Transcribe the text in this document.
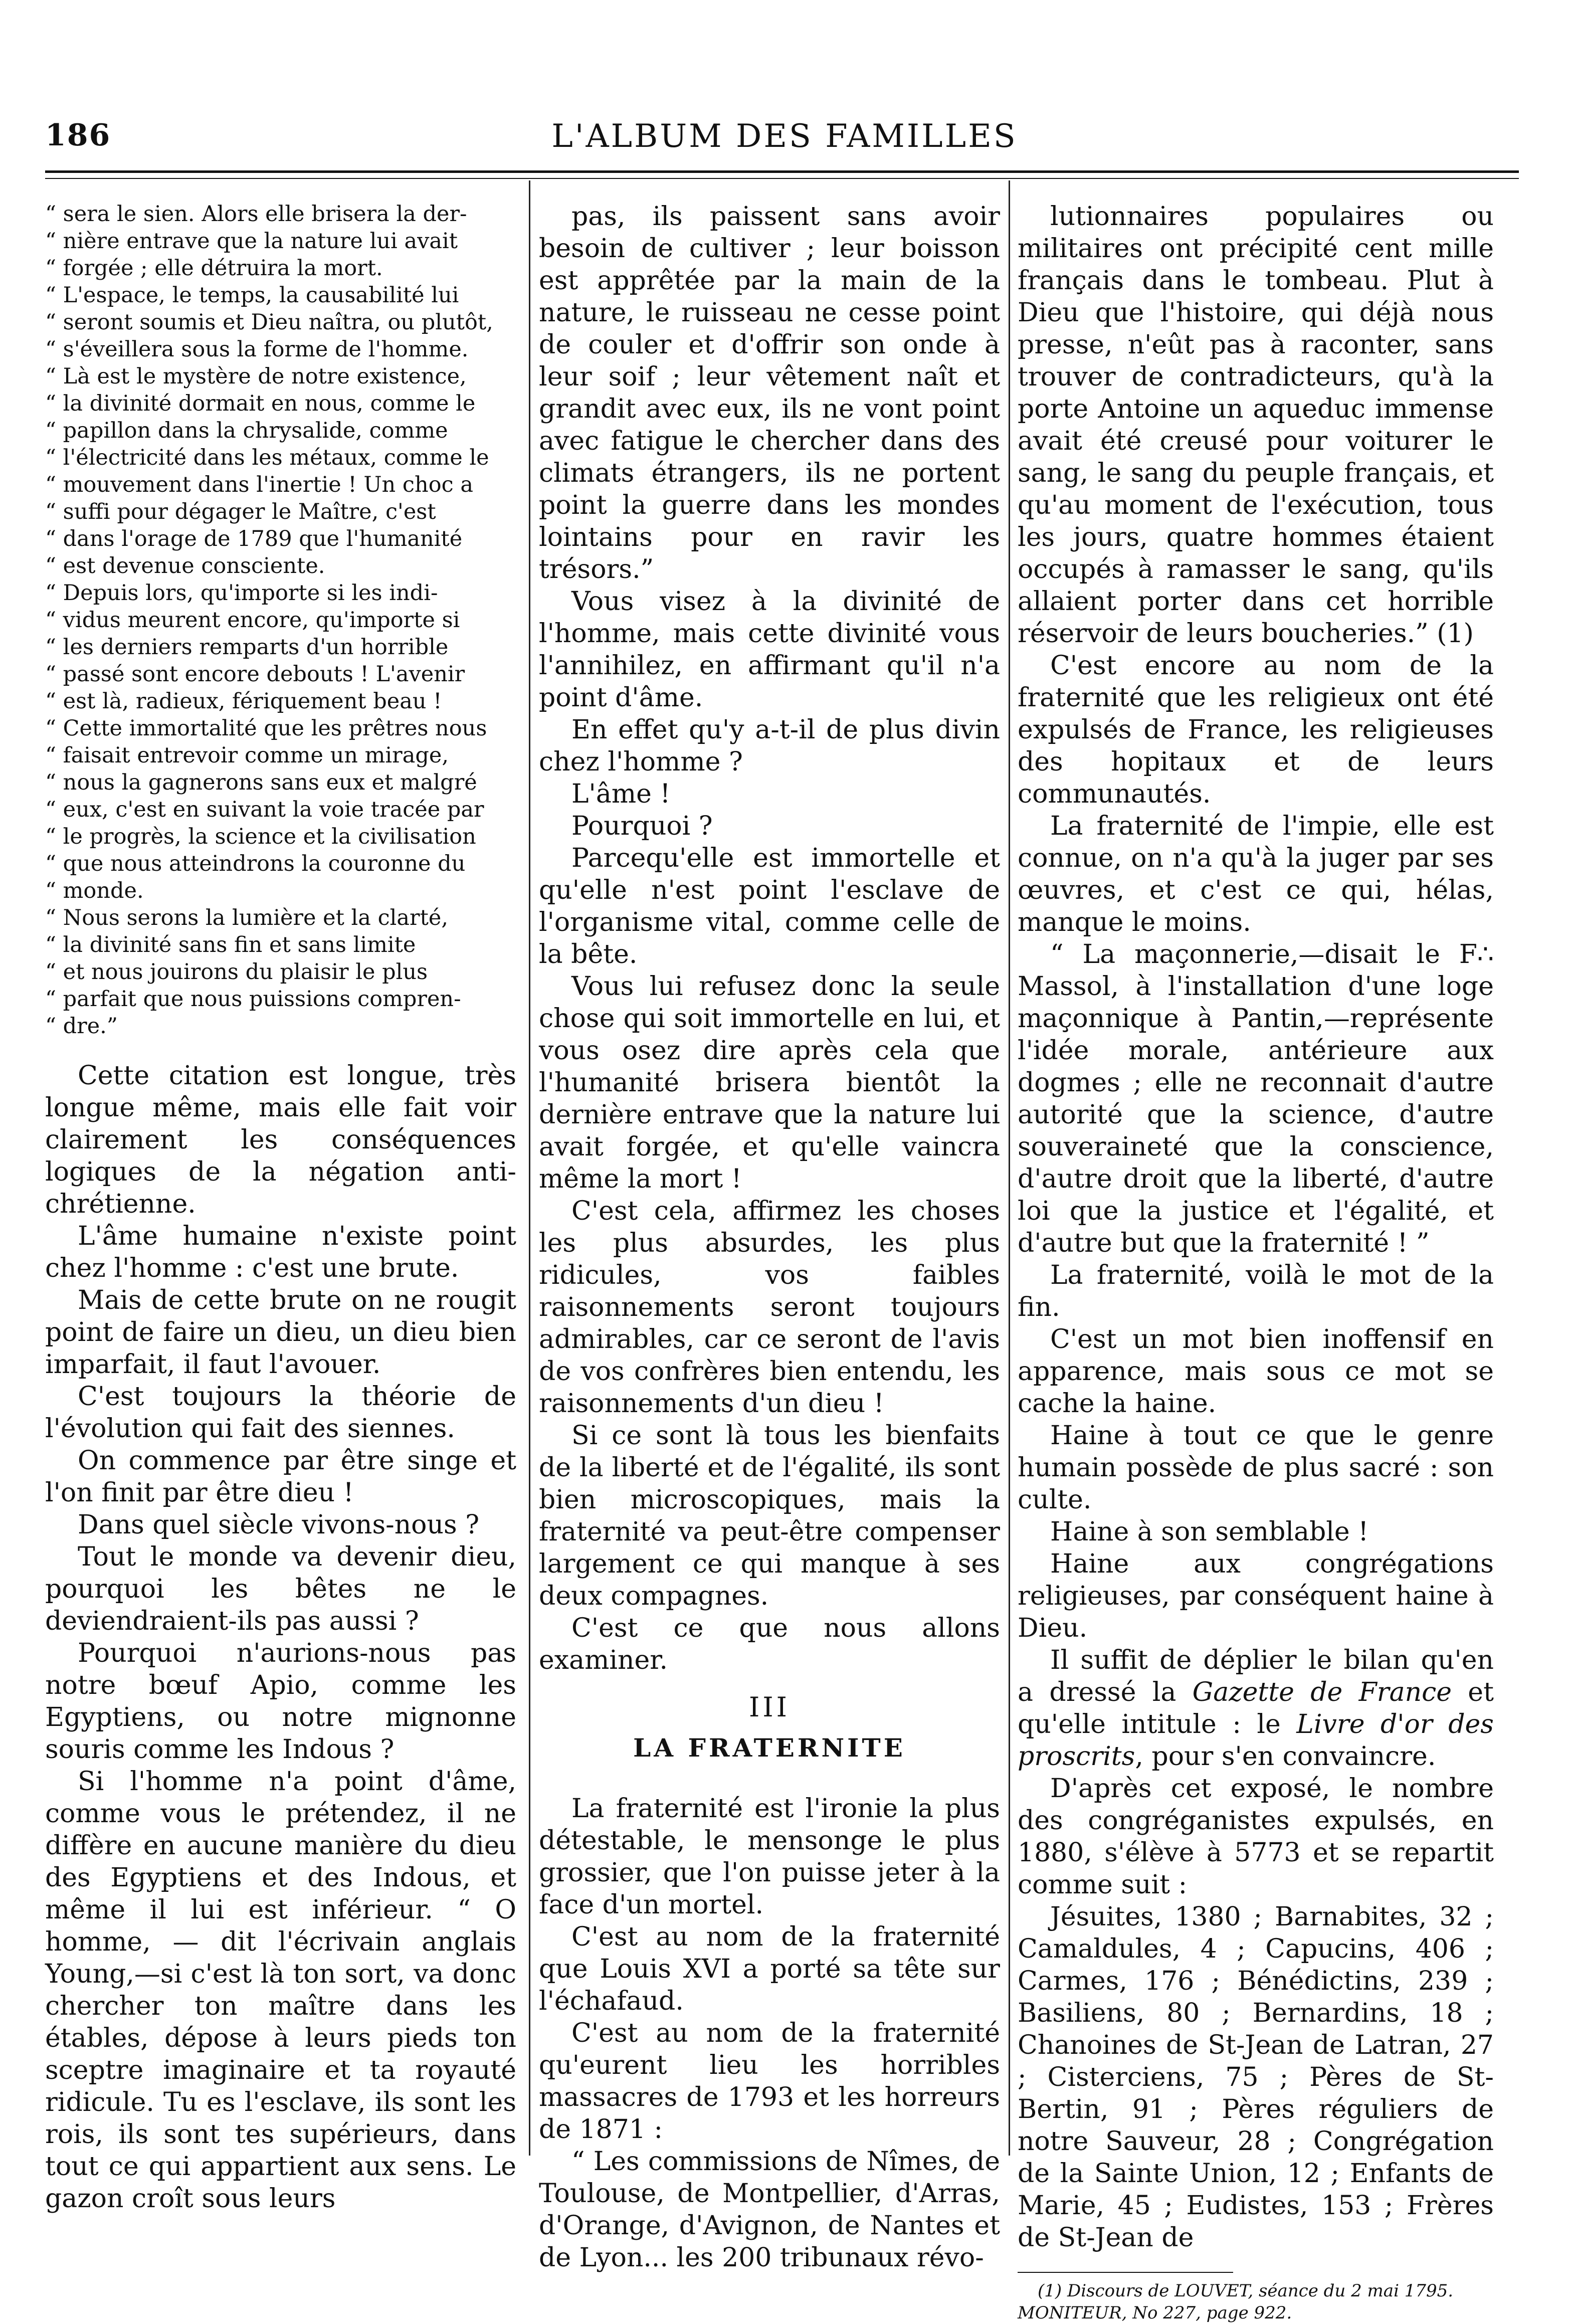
186	L'ALBUM DES FAMILLES

“ sera le sien. Alors elle brisera la der-

“ nière entrave que la nature lui avait

“ forgée ; elle détruira la mort.

“ L'espace, le temps, la causabilité lui

“ seront soumis et Dieu naîtra, ou plutôt,

“ s'éveillera sous la forme de l'homme.

“ Là est le mystère de notre existence,

“ la divinité dormait en nous, comme le

“ papillon dans la chrysalide, comme

“ l'électricité dans les métaux, comme le

“ mouvement dans l'inertie ! Un choc a

“ suffi pour dégager le Maître, c'est

“ dans l'orage de 1789 que l'humanité

“ est devenue consciente.

“ Depuis lors, qu'importe si les indi-

“ vidus meurent encore, qu'importe si

“ les derniers remparts d'un horrible

“ passé sont encore debouts ! L'avenir

“ est là, radieux, fériquement beau !

“ Cette immortalité que les prêtres nous

“ faisait entrevoir comme un mirage,

“ nous la gagnerons sans eux et malgré

“ eux, c'est en suivant la voie tracée par

“ le progrès, la science et la civilisation

“ que nous atteindrons la couronne du

“ monde.

“ Nous serons la lumière et la clarté,

“ la divinité sans fin et sans limite

“ et nous jouirons du plaisir le plus

“ parfait que nous puissions compren-

“ dre.”

Cette citation est longue, très longue même, mais elle fait voir clairement les conséquences logiques de la négation anti-chrétienne.

L'âme humaine n'existe point chez l'homme : c'est une brute.

Mais de cette brute on ne rougit point de faire un dieu, un dieu bien imparfait, il faut l'avouer.

C'est toujours la théorie de l'évolution qui fait des siennes.

On commence par être singe et l'on finit par être dieu !

Dans quel siècle vivons-nous ?

Tout le monde va devenir dieu, pourquoi les bêtes ne le deviendraient-ils pas aussi ?

Pourquoi n'aurions-nous pas notre bœuf Apio, comme les Egyptiens, ou notre mignonne souris comme les Indous ?

Si l'homme n'a point d'âme, comme vous le prétendez, il ne diffère en aucune manière du dieu des Egyptiens et des Indous, et même il lui est inférieur. “ O homme, — dit l'écrivain anglais Young,—si c'est là ton sort, va donc chercher ton maître dans les étables, dépose à leurs pieds ton sceptre imaginaire et ta royauté ridicule. Tu es l'esclave, ils sont les rois, ils sont tes supérieurs, dans tout ce qui appartient aux sens. Le gazon croît sous leurs

pas, ils paissent sans avoir besoin de cultiver ; leur boisson est apprêtée par la main de la nature, le ruisseau ne cesse point de couler et d'offrir son onde à leur soif ; leur vêtement naît et grandit avec eux, ils ne vont point avec fatigue le chercher dans des climats étrangers, ils ne portent point la guerre dans les mondes lointains pour en ravir les trésors.”

Vous visez à la divinité de l'homme, mais cette divinité vous l'annihilez, en affirmant qu'il n'a point d'âme.

En effet qu'y a-t-il de plus divin chez l'homme ?

L'âme !

Pourquoi ?

Parcequ'elle est immortelle et qu'elle n'est point l'esclave de l'organisme vital, comme celle de la bête.

Vous lui refusez donc la seule chose qui soit immortelle en lui, et vous osez dire après cela que l'humanité brisera bientôt la dernière entrave que la nature lui avait forgée, et qu'elle vaincra même la mort !

C'est cela, affirmez les choses les plus absurdes, les plus ridicules, vos faibles raisonnements seront toujours admirables, car ce seront de l'avis de vos confrères bien entendu, les raisonnements d'un dieu !

Si ce sont là tous les bienfaits de la liberté et de l'égalité, ils sont bien microscopiques, mais la fraternité va peut-être compenser largement ce qui manque à ses deux compagnes.

C'est ce que nous allons examiner.

III
LA FRATERNITE

La fraternité est l'ironie la plus détestable, le mensonge le plus grossier, que l'on puisse jeter à la face d'un mortel.

C'est au nom de la fraternité que Louis XVI a porté sa tête sur l'échafaud.

C'est au nom de la fraternité qu'eurent lieu les horribles massacres de 1793 et les horreurs de 1871 :

“ Les commissions de Nîmes, de Toulouse, de Montpellier, d'Arras, d'Orange, d'Avignon, de Nantes et de Lyon... les 200 tribunaux révo-

lutionnaires populaires ou militaires ont précipité cent mille français dans le tombeau. Plut à Dieu que l'histoire, qui déjà nous presse, n'eût pas à raconter, sans trouver de contradicteurs, qu'à la porte Antoine un aqueduc immense avait été creusé pour voiturer le sang, le sang du peuple français, et qu'au moment de l'exécution, tous les jours, quatre hommes étaient occupés à ramasser le sang, qu'ils allaient porter dans cet horrible réservoir de leurs boucheries.” (1)

C'est encore au nom de la fraternité que les religieux ont été expulsés de France, les religieuses des hopitaux et de leurs communautés.

La fraternité de l'impie, elle est connue, on n'a qu'à la juger par ses œuvres, et c'est ce qui, hélas, manque le moins.

“ La maçonnerie,—disait le F∴ Massol, à l'installation d'une loge maçonnique à Pantin,—représente l'idée morale, antérieure aux dogmes ; elle ne reconnait d'autre autorité que la science, d'autre souveraineté que la conscience, d'autre droit que la liberté, d'autre loi que la justice et l'égalité, et d'autre but que la fraternité ! ”

La fraternité, voilà le mot de la fin.

C'est un mot bien inoffensif en apparence, mais sous ce mot se cache la haine.

Haine à tout ce que le genre humain possède de plus sacré : son culte.

Haine à son semblable !

Haine aux congrégations religieuses, par conséquent haine à Dieu.

Il suffit de déplier le bilan qu'en a dressé la Gazette de France et qu'elle intitule : le Livre d'or des proscrits, pour s'en convaincre.

D'après cet exposé, le nombre des congréganistes expulsés, en 1880, s'élève à 5773 et se repartit comme suit :

Jésuites, 1380 ; Barnabites, 32 ; Camaldules, 4 ; Capucins, 406 ; Carmes, 176 ; Bénédictins, 239 ; Basiliens, 80 ; Bernardins, 18 ; Chanoines de St-Jean de Latran, 27 ; Cisterciens, 75 ; Pères de St-Bertin, 91 ; Pères réguliers de notre Sauveur, 28 ; Congrégation de la Sainte Union, 12 ; Enfants de Marie, 45 ; Eudistes, 153 ; Frères de St-Jean de

(1) Discours de LOUVET, séance du 2 mai 1795. MONITEUR, No 227, page 922.
